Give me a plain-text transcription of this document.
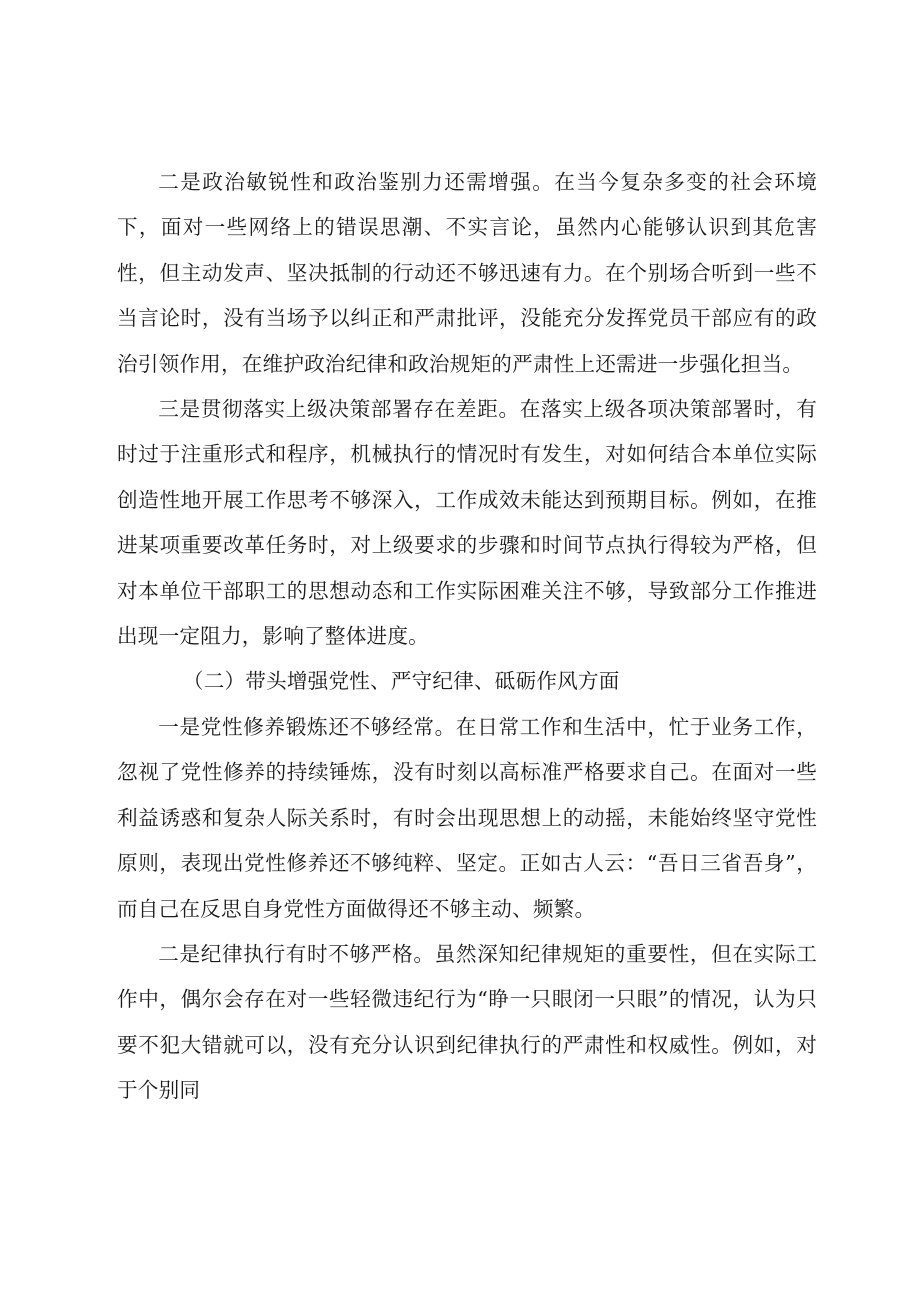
二是政治敏锐性和政治鉴别力还需增强。在当今复杂多变的社会环境下，面对一些网络上的错误思潮、不实言论，虽然内心能够认识到其危害性，但主动发声、坚决抵制的行动还不够迅速有力。在个别场合听到一些不当言论时，没有当场予以纠正和严肃批评，没能充分发挥党员干部应有的政治引领作用，在维护政治纪律和政治规矩的严肃性上还需进一步强化担当。

三是贯彻落实上级决策部署存在差距。在落实上级各项决策部署时，有时过于注重形式和程序，机械执行的情况时有发生，对如何结合本单位实际创造性地开展工作思考不够深入，工作成效未能达到预期目标。例如，在推进某项重要改革任务时，对上级要求的步骤和时间节点执行得较为严格，但对本单位干部职工的思想动态和工作实际困难关注不够，导致部分工作推进出现一定阻力，影响了整体进度。

（二）带头增强党性、严守纪律、砥砺作风方面

一是党性修养锻炼还不够经常。在日常工作和生活中，忙于业务工作，忽视了党性修养的持续锤炼，没有时刻以高标准严格要求自己。在面对一些利益诱惑和复杂人际关系时，有时会出现思想上的动摇，未能始终坚守党性原则，表现出党性修养还不够纯粹、坚定。正如古人云：“吾日三省吾身”，而自己在反思自身党性方面做得还不够主动、频繁。

二是纪律执行有时不够严格。虽然深知纪律规矩的重要性，但在实际工作中，偶尔会存在对一些轻微违纪行为“睁一只眼闭一只眼”的情况，认为只要不犯大错就可以，没有充分认识到纪律执行的严肃性和权威性。例如，对于个别同
